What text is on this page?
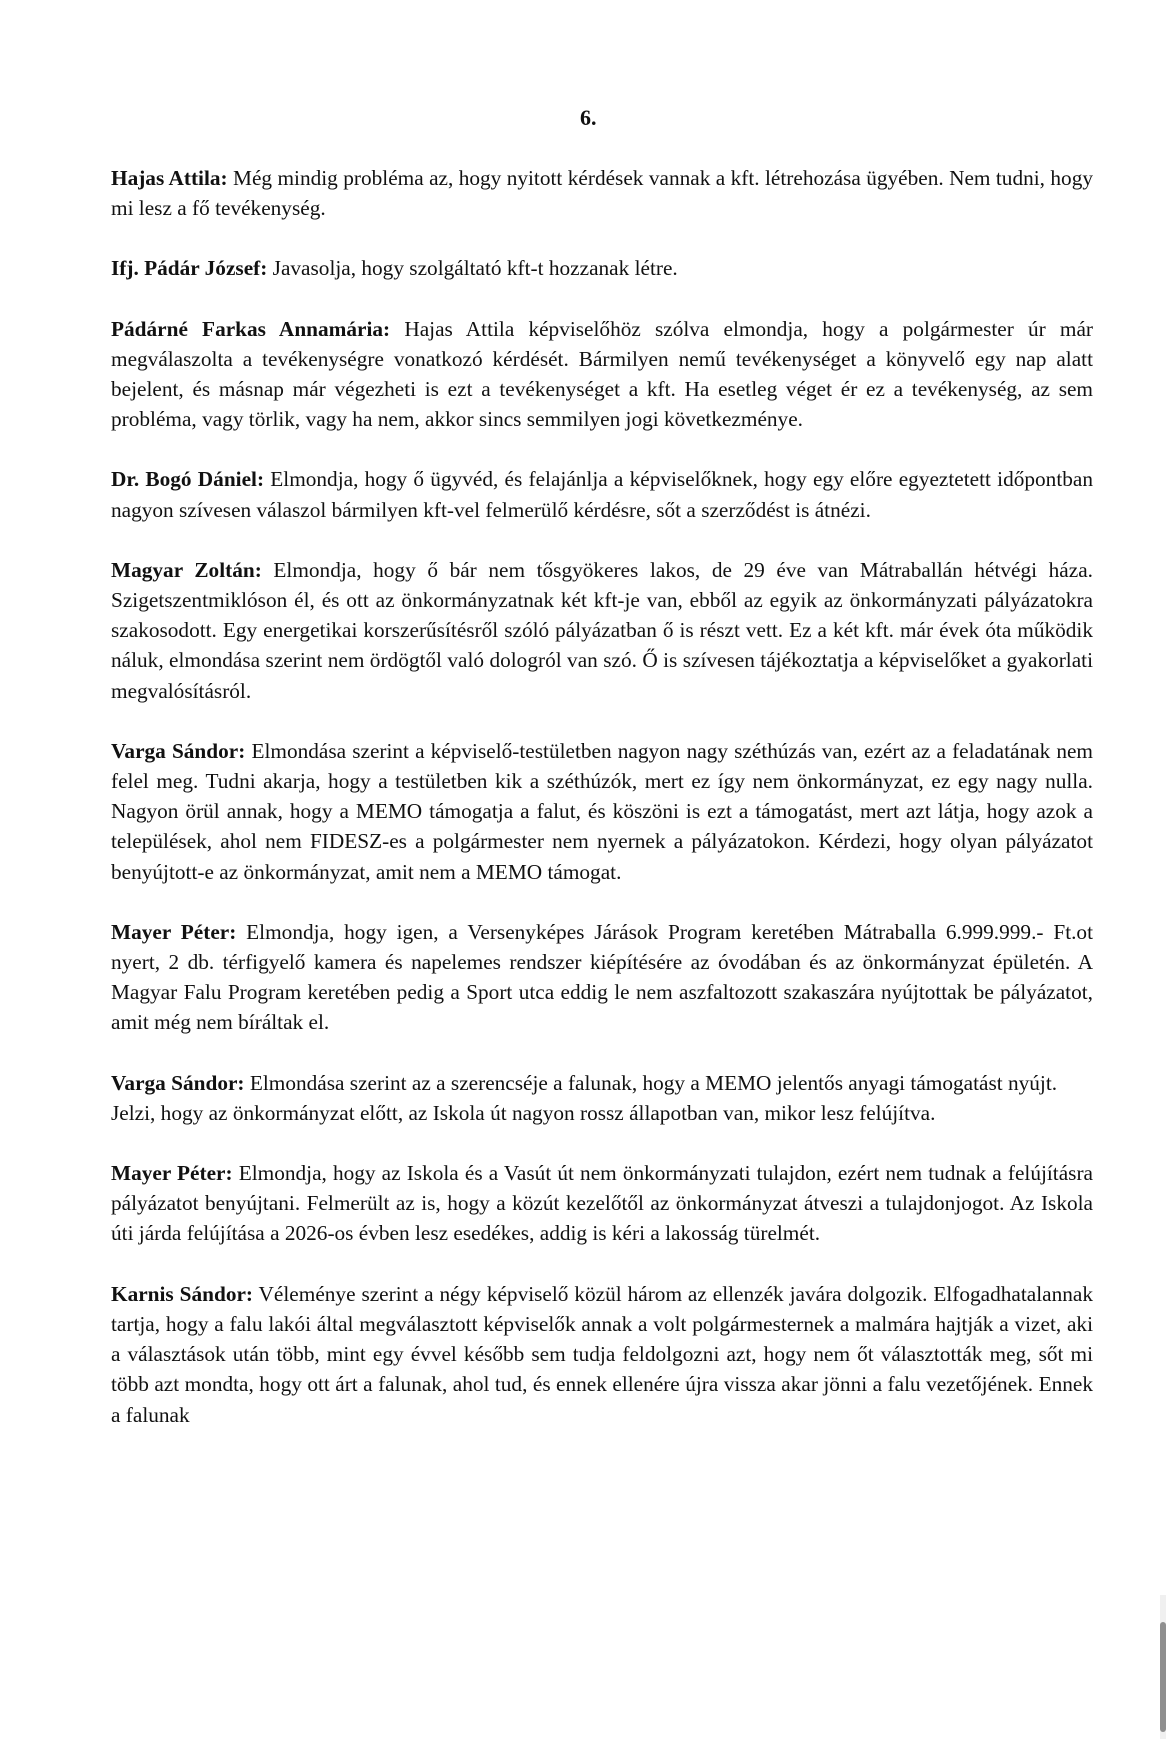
6.

Hajas Attila: Még mindig probléma az, hogy nyitott kérdések vannak a kft. létrehozása ügyében. Nem tudni, hogy mi lesz a fő tevékenység.

Ifj. Pádár József: Javasolja, hogy szolgáltató kft-t hozzanak létre.

Pádárné Farkas Annamária: Hajas Attila képviselőhöz szólva elmondja, hogy a polgármester úr már megválaszolta a tevékenységre vonatkozó kérdését. Bármilyen nemű tevékenységet a könyvelő egy nap alatt bejelent, és másnap már végezheti is ezt a tevékenységet a kft. Ha esetleg véget ér ez a tevékenység, az sem probléma, vagy törlik, vagy ha nem, akkor sincs semmilyen jogi következménye.

Dr. Bogó Dániel: Elmondja, hogy ő ügyvéd, és felajánlja a képviselőknek, hogy egy előre egyeztetett időpontban nagyon szívesen válaszol bármilyen kft-vel felmerülő kérdésre, sőt a szerződést is átnézi.

Magyar Zoltán: Elmondja, hogy ő bár nem tősgyökeres lakos, de 29 éve van Mátraballán hétvégi háza. Szigetszentmiklóson él, és ott az önkormányzatnak két kft-je van, ebből az egyik az önkormányzati pályázatokra szakosodott. Egy energetikai korszerűsítésről szóló pályázatban ő is részt vett. Ez a két kft. már évek óta működik náluk, elmondása szerint nem ördögtől való dologról van szó. Ő is szívesen tájékoztatja a képviselőket a gyakorlati megvalósításról.

Varga Sándor: Elmondása szerint a képviselő-testületben nagyon nagy széthúzás van, ezért az a feladatának nem felel meg. Tudni akarja, hogy a testületben kik a széthúzók, mert ez így nem önkormányzat, ez egy nagy nulla. Nagyon örül annak, hogy a MEMO támogatja a falut, és köszöni is ezt a támogatást, mert azt látja, hogy azok a települések, ahol nem FIDESZ-es a polgármester nem nyernek a pályázatokon. Kérdezi, hogy olyan pályázatot benyújtott-e az önkormányzat, amit nem a MEMO támogat.

Mayer Péter: Elmondja, hogy igen, a Versenyképes Járások Program keretében Mátraballa 6.999.999.- Ft.ot nyert, 2 db. térfigyelő kamera és napelemes rendszer kiépítésére az óvodában és az önkormányzat épületén. A Magyar Falu Program keretében pedig a Sport utca eddig le nem aszfaltozott szakaszára nyújtottak be pályázatot, amit még nem bíráltak el.

Varga Sándor: Elmondása szerint az a szerencséje a falunak, hogy a MEMO jelentős anyagi támogatást nyújt.
Jelzi, hogy az önkormányzat előtt, az Iskola út nagyon rossz állapotban van, mikor lesz felújítva.

Mayer Péter: Elmondja, hogy az Iskola és a Vasút út nem önkormányzati tulajdon, ezért nem tudnak a felújításra pályázatot benyújtani. Felmerült az is, hogy a közút kezelőtől az önkormányzat átveszi a tulajdonjogot. Az Iskola úti járda felújítása a 2026-os évben lesz esedékes, addig is kéri a lakosság türelmét.

Karnis Sándor: Véleménye szerint a négy képviselő közül három az ellenzék javára dolgozik. Elfogadhatalannak tartja, hogy a falu lakói által megválasztott képviselők annak a volt polgármesternek a malmára hajtják a vizet, aki a választások után több, mint egy évvel később sem tudja feldolgozni azt, hogy nem őt választották meg, sőt mi több azt mondta, hogy ott árt a falunak, ahol tud, és ennek ellenére újra vissza akar jönni a falu vezetőjének. Ennek a falunak
